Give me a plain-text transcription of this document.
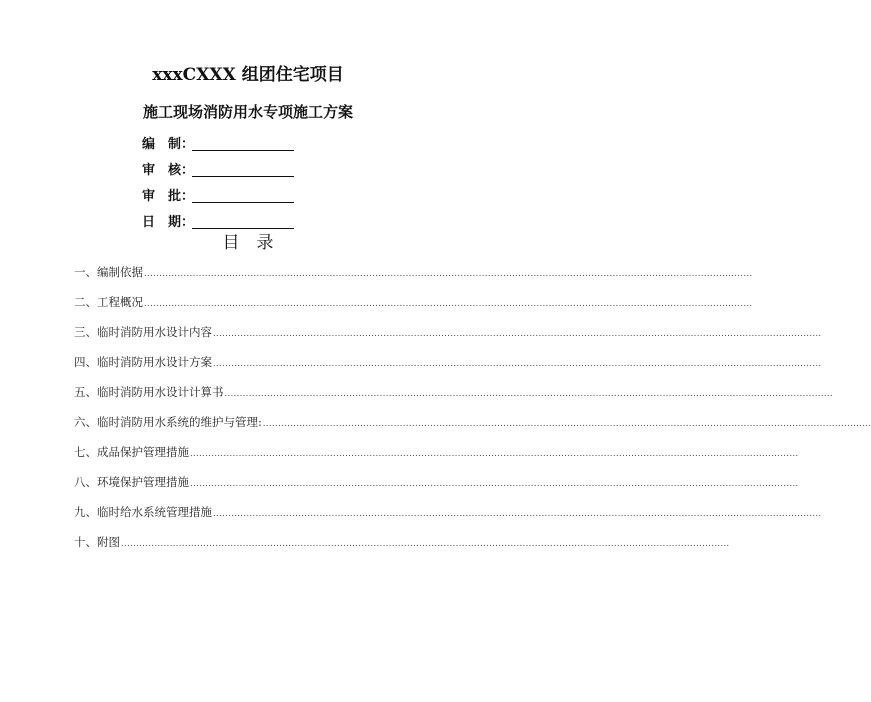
xxxCXXX 组团住宅项目
施工现场消防用水专项施工方案
编　制：
审　核：
审　批：
日　期：
目　录
一、编制依据 ........................................................................................................................................................................................................
二、工程概况 ........................................................................................................................................................................................................
三、临时消防用水设计内容 ........................................................................................................................................................................................................
四、临时消防用水设计方案 ........................................................................................................................................................................................................
五、临时消防用水设计计算书 ........................................................................................................................................................................................................
六、临时消防用水系统的维护与管理: ........................................................................................................................................................................................................
七、成品保护管理措施 ........................................................................................................................................................................................................
八、环境保护管理措施 ........................................................................................................................................................................................................
九、临时给水系统管理措施 ........................................................................................................................................................................................................
十、附图 ........................................................................................................................................................................................................
